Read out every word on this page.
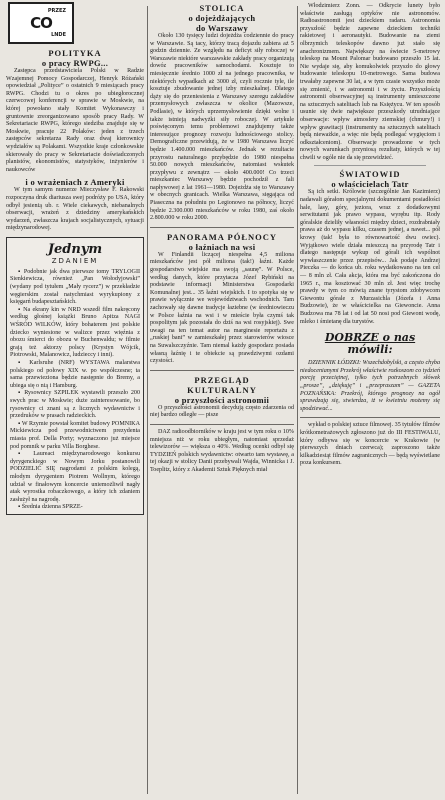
PRZEZ
CO
LNDE

POLITYKA

o pracy RWPG...

Zastępca przedstawiciela Polski w Radzie Wzajemnej Pomocy Gospodarczej, Henryk Różański opowiedział „Polityce” o ostatnich 9 miesiącach pracy RWPG. Chodzi tu o okres po ubiegłorocznej czerwcowej konferencji w sprawie w Moskwie, na której powołano stały Komitet Wykonawczy i gruntownie zreorganizowano sposób pracy Rady. W Sekretariacie RWPG, którego siedziba znajduje się w Moskwie, pracuje 22 Polaków: jeden z trzech zastępców sekretarza Rady oraz dwaj kierownicy wydziałów są Polakami. Wszystkie kraje członkowskie skierowały do pracy w Sekretariacie doświadczonych planistów, ekonomistów, statystyków, inżynierów i naukowców

i o wrażeniach z Ameryki

W tym samym numerze Mieczysław F. Rakowski rozpoczyna druk diariusza swej podróży po USA, który odbył jesienią ub. r. Wiele ciekawych, niebanalnych obserwacji, wrażeń z dziedziny amerykańskich wydarzeń, zwłaszcza krajach socjalistycznych, sytuacji międzynarodowej.

Jednym
ZDANIEM

▪ Podobnie jak dwa pierwsze tomy TRYLOGII Sienkiewicza, również „Pan Wołodyjowski” (wydany pod tytułem „Mały rycerz”) w przekładzie węgierskim został natychmiast wyrykupiony z księgarń budapesztańskich.

▪ Na ekrany kin w NRD wszedł film nakręcony według głośnej książki Bruno Apitza NAGI WŚRÓD WILKÓW, który bohaterem jest polskie dziecko wyniesione w walizce przez więźnia z obozu śmierci do obozu w Buchenwaldu; w filmie grają też aktorzy polscy (Krystyn Wójcik, Piotrowski, Malanowicz, ludzieccy i inni).

▪ Karlsruhe (NRF) WYSTAWA malarstwa polskiego od połowy XIX w. po współczesne; ta sama przewieziona będzie następnie do Bremy, a ubiega się o nią i Hamburg.

▪ Rysownicy SZPILEK wystawili przeszło 200 swych prac w Moskwie; duże zainteresowanie, bo rysownicy ci znani są z licznych wydawnictw i przedruków w prasach radzieckich.

▪ W Rzymie powstał komitet budowy POMNIKA Mickiewicza pod przewodnictwem prezydenta miasta prof. Della Porty; wyznaczono już miejsce pod pomnik w parku Villa Borghese.

▪ Laureaci międzynarodowego konkursu dyrygenckiego w Nowym Jorku postanowili PODZIELIĆ SIĘ nagrodami z polskim kolegą, młodym dyrygentem Piotrem Wollnym, którego udział w finałowym koncercie uniemożliwił nagły atak wyrostka robaczkowego, a który ich zdaniem zasłużył na nagrodę.

▪ Średnia dzienna SPRZE-

STOLICA

o dojeżdżających

do Warszawy

Około 130 tysięcy ludzi dojeżdża codziennie do pracy w Warszawie. Są tacy, którzy tracą dojazdu zabiera aż 5 godzin dziennie. Ze względu na deficyt siły roboczej w Warszawie niektóre warszawskie zakłady pracy organizują dowóz pracowników samochodami. Kosztuje to miesięcznie średnio 1000 zł na jednego pracownika, w niektórych wypadkach aż 3000 zł, czyli rocznie tyle, ile kosztuje zbudowanie jednej izby mieszkalnej. Dlatego dąży się do przeniesienia z Warszawy szeregu zakładów przemysłowych zwłaszcza w okolice (Mazowsze, Podlasie), w których uprzemysłowienie dzięki wolne i także istnieją nadwyżki siły roboczej. W artykule poświęconym temu problemowi znajdujemy także interesujące prognozy rozwoju ludnościowego stolicy. Demograficzne przewidują, że w 1980 Warszawa liczyć będzie 1.400.000 mieszkańców. Jednak w rezultacie przyrostu naturalnego przybędzie do 1980 niespełna 50.000 nowych mieszkańców, natomiast wskutek przypływu z zewnątrz — około 400.000! Co trzeci mieszkaniec Warszawy będzie pochodził z fali napływowej z lat 1961—1980. Dojeżdża się to Warszawy w obecnych granicach. Wielka Warszawa, sięgająca od Piaseczna na południu po Legionowo na północy, liczyć będzie 2.300.000 mieszkańców w roku 1980, zaś około 2.800.000 w roku 2000.

PANORAMA PÓŁNOCY

o łaźniach na wsi

W Finlandii liczącej niespełna 4,5 miliona mieszkańców jest pół miliona (tak!) łaźni. Każde gospodarstwo wiejskie ma swoją „saunę”. W Polsce, według danych, które przytacza Józef Rybiński na podstawie informacji Ministerstwa Gospodarki Komunalnej jest... 35 łaźni wiejskich. I to spotyka się w prawie wyłącznie we województwach wschodnich. Tam zachowały się dawne tradycje łaziebne (w średniowieczu w Polsce łaźnia na wsi i w mieście była czymś tak pospolitym jak pozostała do dziś na wsi rosyjskiej). Swe uwagi na ten temat autor na marginesie reportażu z „ruskiej bani” w zamieszkałej przez starowierów wiosce na Suwalszczyźnie. Tam niemal każdy gospodarz posiada własną łaźnię i te obiekcie są prawdziwymi ozdami czystości.

PRZEGLĄD

KULTURALNY

o przyszłości astronomii

O przyszłości astronomii decydują często zdarzenia od niej bardzo odległe — pisze

DAZ radioodbiorników w kraju jest w tym roku o 10% mniejsza niż w roku ubiegłym, natomiast sprzedaż telewizorów — większa o 40%. Według ocenki odbył się TYDZIEŃ polskich wydawnictw: otwarto tam wystawę, a tej okazji w stolicy Danii przebywali Wajda, Winnicka i J. Toeplitz, który z Akademii Sztuk Pięknych miał

Włodzimierz Zonn. — Odkrycie lunety było właściwie zasługą optyków nie astronomów. Radioastronomii jest dzieckiem radaru. Astronomia przyszłość będzie zapewne dzieckiem techniki rakietowej i aeronautyki. Budowanie na ziemi olbrzymich teleskopów dawno już stało się anachronizmem. Największy na świecie 5-metrowy teleskop na Mount Palomar budowano przeszło 15 lat. Nie wydaje się, aby komukolwiek przyszło do głowy budowanie teleskopu 10-metrowego. Sama budowa trwałaby zapewne 30 lat, a w tym czasie wszystko może się zmienić, i w astronomii i w życiu. Przyszłością astronomii obserwacyjnej są instrumenty umieszczone na sztucznych satelitach lub na Księżycu. W ten sposób usunie się dwie największe przeszkody utrudniające obserwacje: wpływ atmosfery ziemskiej (chmury!) i wpływ grawitacji (instrumenty na sztucznych satelitach będą nieważkie, a więc nie będą podlegać wygięciom i odkształceniom). Obserwacje prowadzone w tych nowych warunkach przyniosą rezultaty, których w tej chwili w ogóle nie da się przewidzieć.

ŚWIATOWID

o właścicielach Tatr

Są ich setki. Królowie (szczególnie Jan Kazimierz) nadawali górałom specjalnymi dokumentami posiadłości hale, lasy, góry, jeziora, wraz z dodatkowymi serwitutami jak prawo wypasu, wyrębu itp. Rody góralskie dzieliły własności między dzieci, rozdrabniały prawa aż do wypasu kilku, czasem jednej, a nawet... pół krowy (tak! była to równowartość dwu owiec). Wyjątkowo wiele działa mieszczą na przyrodę Tatr i dlatego następuje wykup od górali ich wspólnot wywłaszczenie przez przepisów... Jak podaje Andrzej Pieczka — do końca ub. roku wydatkowano na ten cel — 8 mln zł. Cała akcja, która ma być zakończona do 1965 r., ma kosztować 30 mln zł. Jest więc trochę prawdy w tym co mówią znane tyrystom zdobywcom Giewontu górale z Murzasichla (Józefa i Anna Budzowie), że w właścicielka na Giewoncie. Anna Budzowa ma 78 lat i od lat 50 nosi pod Giewont wodę, mleko i śmietanę dla turystów.

DOBRZE o nas
mówili:

DZIENNIK ŁÓDZKI: Wszechdobylski, a często chyba niedocenianymi Przekrój właściwie rozkoszom co tydzień porcję przeciętnej, tylko tych potrzebnych słówek „prosze”, „dziękuję” i „przepraszam” — GAZETA POZNAŃSKA: Przekrój, którego prognozy na ogół sprawdzają się, stwierdza, iż w kwietniu możemy się spodziewać...

wykład o polskiej sztuce filmowej. 35 tytułów filmów krótkometrażowych zgłoszono już do III FESTIWALU, który odbywa się w koncercie w Krakowie (w pierwszych dniach czerwca); zaproszono także kilkadziesiąt filmów zagranicznych — będą wyświetlane poza konkursem.
